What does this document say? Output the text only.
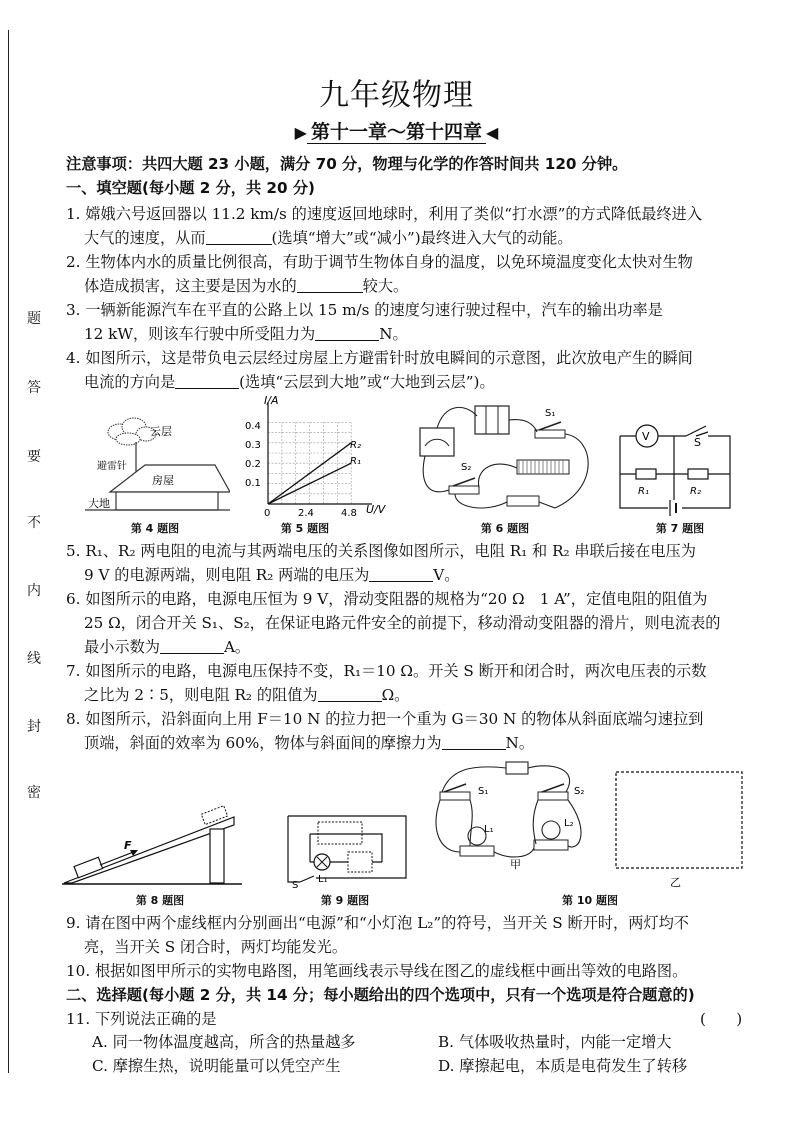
题
答
要
不
内
线
封
密
九年级物理
▶ 第十一章～第十四章 ◀
注意事项：共四大题 23 小题，满分 70 分，物理与化学的作答时间共 120 分钟。
一、填空题(每小题 2 分，共 20 分)
1. 嫦娥六号返回器以 11.2 km/s 的速度返回地球时，利用了类似“打水漂”的方式降低最终进入
大气的速度，从而	(选填“增大”或“减小”)最终进入大气的动能。
2. 生物体内水的质量比例很高，有助于调节生物体自身的温度，以免环境温度变化太快对生物
体造成损害，这主要是因为水的	较大。
3. 一辆新能源汽车在平直的公路上以 15 m/s 的速度匀速行驶过程中，汽车的输出功率是
12 kW，则该车行驶中所受阻力为	N。
4. 如图所示，这是带负电云层经过房屋上方避雷针时放电瞬间的示意图，此次放电产生的瞬间
电流的方向是	(选填“云层到大地”或“大地到云层”)。
云层
避雷针
房屋
大地
第 4 题图
I/A
U/V
0.4
0.3
0.2
0.1
0	2.4	4.8
R₂
R₁
第 5 题图
S₁
S₂
第 6 题图
V	S
R₁	R₂
第 7 题图
5. R₁、R₂ 两电阻的电流与其两端电压的关系图像如图所示，电阻 R₁ 和 R₂ 串联后接在电压为
9 V 的电源两端，则电阻 R₂ 两端的电压为	V。
6. 如图所示的电路，电源电压恒为 9 V，滑动变阻器的规格为“20 Ω　1 A”，定值电阻的阻值为
25 Ω，闭合开关 S₁、S₂，在保证电路元件安全的前提下，移动滑动变阻器的滑片，则电流表的
最小示数为	A。
7. 如图所示的电路，电源电压保持不变，R₁＝10 Ω。开关 S 断开和闭合时，两次电压表的示数
之比为 2∶5，则电阻 R₂ 的阻值为	Ω。
8. 如图所示，沿斜面向上用 F＝10 N 的拉力把一个重为 G＝30 N 的物体从斜面底端匀速拉到
顶端，斜面的效率为 60%，物体与斜面间的摩擦力为	N。
F
第 8 题图
S
L₁
第 9 题图
S₁	S₂
L₁
L₂
甲
第 10 题图
乙
9. 请在图中两个虚线框内分别画出“电源”和“小灯泡 L₂”的符号，当开关 S 断开时，两灯均不
亮，当开关 S 闭合时，两灯均能发光。
10. 根据如图甲所示的实物电路图，用笔画线表示导线在图乙的虚线框中画出等效的电路图。
二、选择题(每小题 2 分，共 14 分；每小题给出的四个选项中，只有一个选项是符合题意的)
11. 下列说法正确的是	(　　)
A. 同一物体温度越高，所含的热量越多	B. 气体吸收热量时，内能一定增大
C. 摩擦生热，说明能量可以凭空产生	D. 摩擦起电，本质是电荷发生了转移
